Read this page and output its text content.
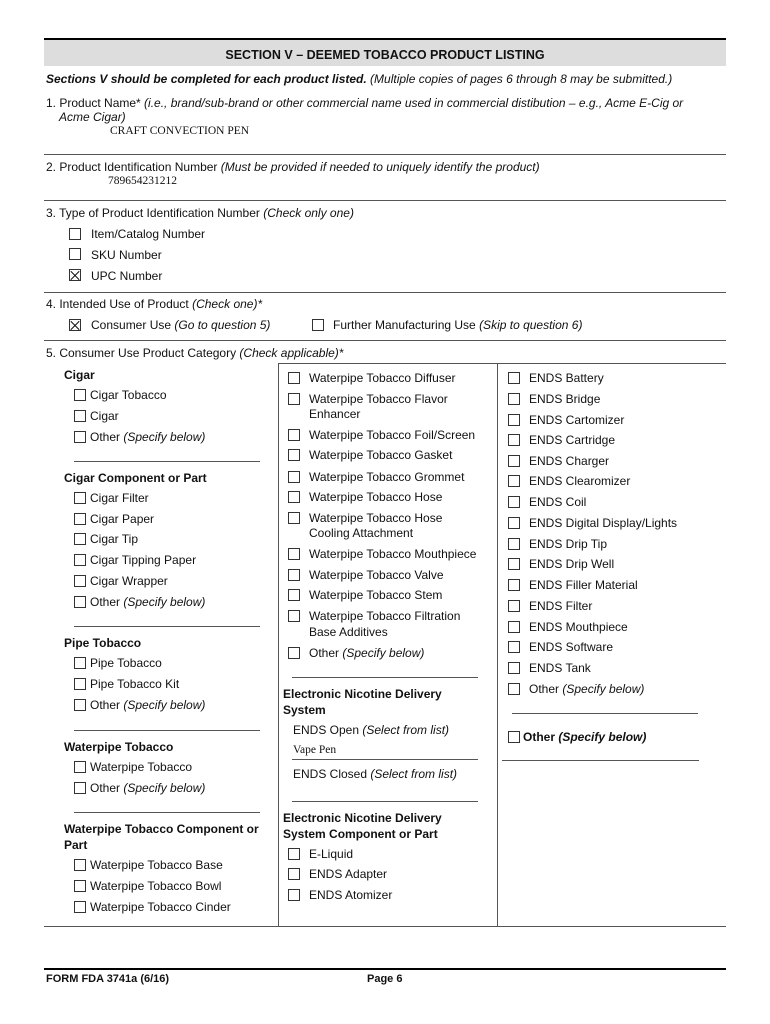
SECTION V – DEEMED TOBACCO PRODUCT LISTING
Sections V should be completed for each product listed. (Multiple copies of pages 6 through 8 may be submitted.)
1. Product Name* (i.e., brand/sub-brand or other commercial name used in commercial distibution – e.g., Acme E-Cig or
Acme Cigar)
CRAFT CONVECTION PEN
2. Product Identification Number (Must be provided if needed to uniquely identify the product)
789654231212
3. Type of Product Identification Number (Check only one)
Item/Catalog Number
SKU Number
UPC Number
4. Intended Use of Product (Check one)*
Consumer Use (Go to question 5)	Further Manufacturing Use (Skip to question 6)
5. Consumer Use Product Category (Check applicable)*
Cigar
Cigar Tobacco
Cigar
Other (Specify below)
Cigar Component or Part
Cigar Filter
Cigar Paper
Cigar Tip
Cigar Tipping Paper
Cigar Wrapper
Other (Specify below)
Pipe Tobacco
Pipe Tobacco
Pipe Tobacco Kit
Other (Specify below)
Waterpipe Tobacco
Waterpipe Tobacco
Other (Specify below)
Waterpipe Tobacco Component or
Part
Waterpipe Tobacco Base
Waterpipe Tobacco Bowl
Waterpipe Tobacco Cinder
Waterpipe Tobacco Diffuser
Waterpipe Tobacco Flavor
Enhancer
Waterpipe Tobacco Foil/Screen
Waterpipe Tobacco Gasket
Waterpipe Tobacco Grommet
Waterpipe Tobacco Hose
Waterpipe Tobacco Hose
Cooling Attachment
Waterpipe Tobacco Mouthpiece
Waterpipe Tobacco Valve
Waterpipe Tobacco Stem
Waterpipe Tobacco Filtration
Base Additives
Other (Specify below)
Electronic Nicotine Delivery
System
ENDS Open (Select from list)
Vape Pen
ENDS Closed (Select from list)
Electronic Nicotine Delivery
System Component or Part
E-Liquid
ENDS Adapter
ENDS Atomizer
ENDS Battery
ENDS Bridge
ENDS Cartomizer
ENDS Cartridge
ENDS Charger
ENDS Clearomizer
ENDS Coil
ENDS Digital Display/Lights
ENDS Drip Tip
ENDS Drip Well
ENDS Filler Material
ENDS Filter
ENDS Mouthpiece
ENDS Software
ENDS Tank
Other (Specify below)
Other (Specify below)
FORM FDA 3741a (6/16)	Page 6
